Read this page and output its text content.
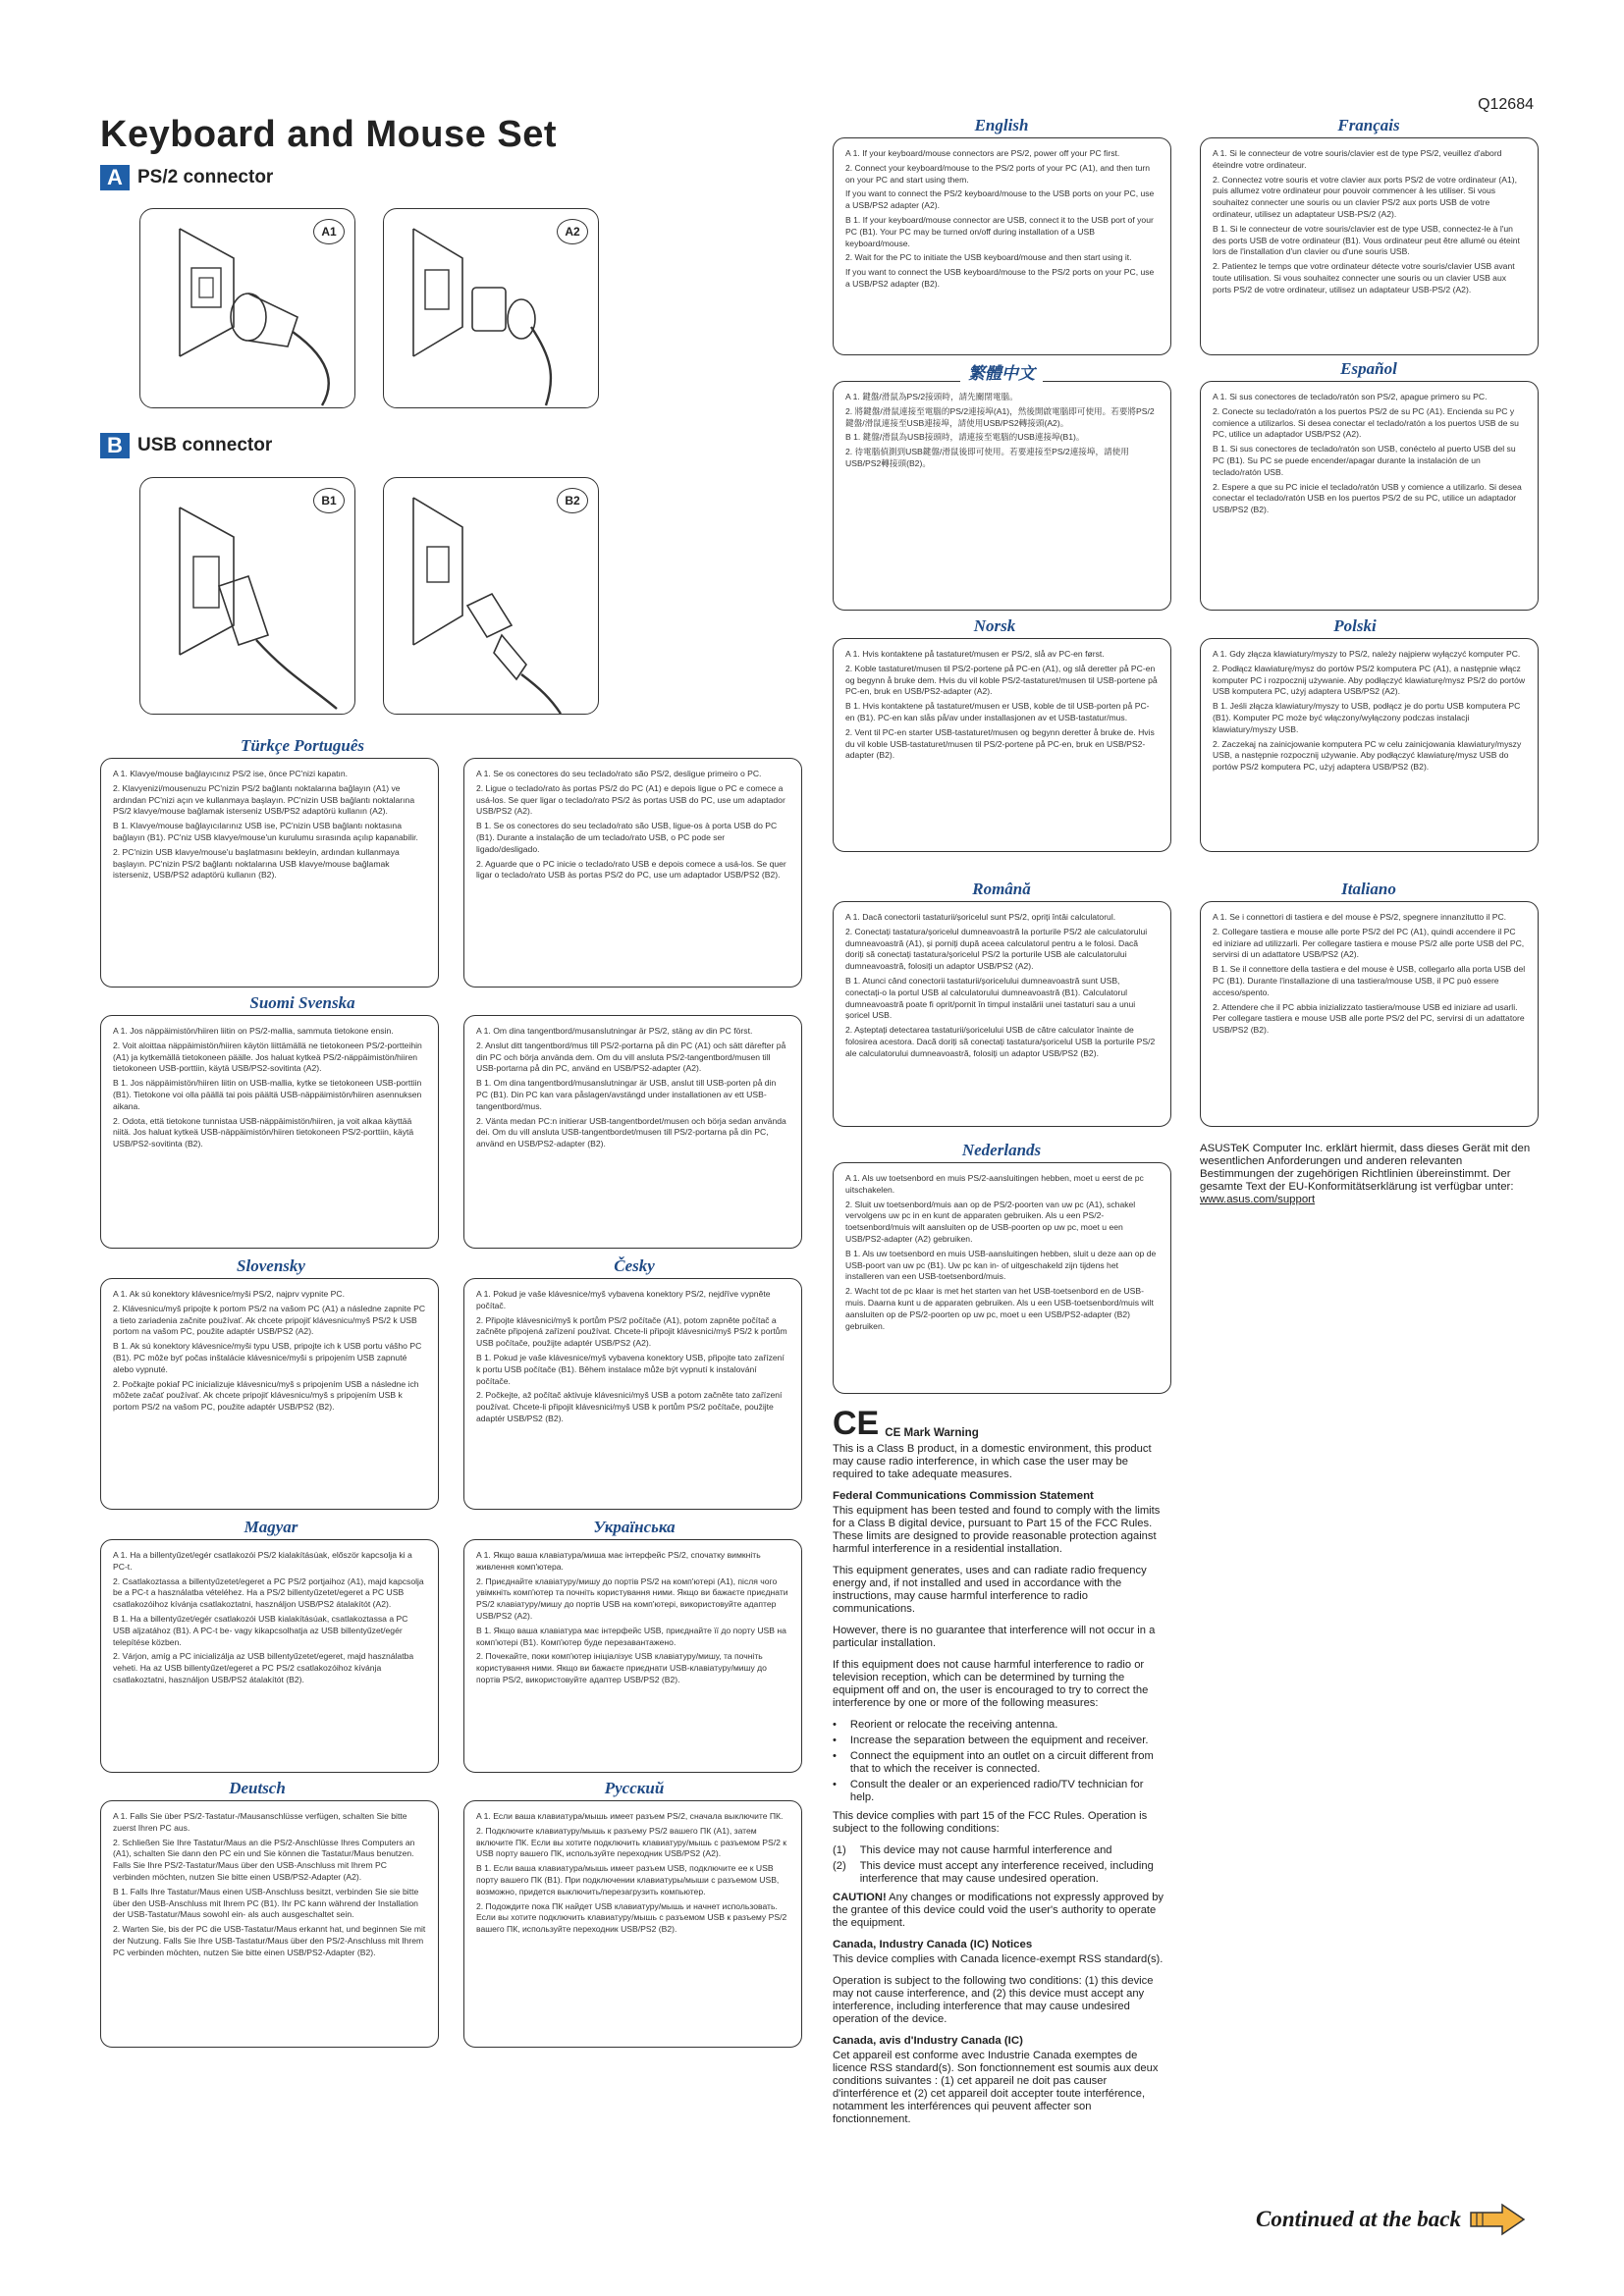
Q12684
Keyboard and Mouse Set
A PS/2 connector
A1	A2
B USB connector
B1	B2

A 1. If your keyboard/mouse connectors are PS/2, power off your PC first.

2. Connect your keyboard/mouse to the PS/2 ports of your PC (A1), and then turn on your PC and start using them.

If you want to connect the PS/2 keyboard/mouse to the USB ports on your PC, use a USB/PS2 adapter (A2).

B 1. If your keyboard/mouse connector are USB, connect it to the USB port of your PC (B1). Your PC may be turned on/off during installation of a USB keyboard/mouse.

2. Wait for the PC to initiate the USB keyboard/mouse and then start using it.

If you want to connect the USB keyboard/mouse to the PS/2 ports on your PC, use a USB/PS2 adapter (B2).

English

A 1. Si le connecteur de votre souris/clavier est de type PS/2, veuillez d'abord éteindre votre ordinateur.

2. Connectez votre souris et votre clavier aux ports PS/2 de votre ordinateur (A1), puis allumez votre ordinateur pour pouvoir commencer à les utiliser. Si vous souhaitez connecter une souris ou un clavier PS/2 aux ports USB de votre ordinateur, utilisez un adaptateur USB-PS/2 (A2).

B 1. Si le connecteur de votre souris/clavier est de type USB, connectez-le à l'un des ports USB de votre ordinateur (B1). Vous ordinateur peut être allumé ou éteint lors de l'installation d'un clavier ou d'une souris USB.

2. Patientez le temps que votre ordinateur détecte votre souris/clavier USB avant toute utilisation. Si vous souhaitez connecter une souris ou un clavier USB aux ports PS/2 de votre ordinateur, utilisez un adaptateur USB-PS/2 (A2).

Français

A 1. 鍵盤/滑鼠為PS/2接頭時，請先關閉電腦。

2. 將鍵盤/滑鼠連接至電腦的PS/2連接埠(A1)，然後開啟電腦即可使用。若要將PS/2鍵盤/滑鼠連接至USB連接埠，請使用USB/PS2轉接頭(A2)。

B 1. 鍵盤/滑鼠為USB接頭時，請連接至電腦的USB連接埠(B1)。

2. 待電腦偵測到USB鍵盤/滑鼠後即可使用。若要連接至PS/2連接埠，請使用USB/PS2轉接頭(B2)。

繁體中文

A 1. Si sus conectores de teclado/ratón son PS/2, apague primero su PC.

2. Conecte su teclado/ratón a los puertos PS/2 de su PC (A1). Encienda su PC y comience a utilizarlos. Si desea conectar el teclado/ratón a los puertos USB de su PC, utilice un adaptador USB/PS2 (A2).

B 1. Si sus conectores de teclado/ratón son USB, conéctelo al puerto USB del su PC (B1). Su PC se puede encender/apagar durante la instalación de un teclado/ratón USB.

2. Espere a que su PC inicie el teclado/ratón USB y comience a utilizarlo. Si desea conectar el teclado/ratón USB en los puertos PS/2 de su PC, utilice un adaptador USB/PS2 (B2).

Español

A 1. Hvis kontaktene på tastaturet/musen er PS/2, slå av PC-en først.

2. Koble tastaturet/musen til PS/2-portene på PC-en (A1), og slå deretter på PC-en og begynn å bruke dem. Hvis du vil koble PS/2-tastaturet/musen til USB-portene på PC-en, bruk en USB/PS2-adapter (A2).

B 1. Hvis kontaktene på tastaturet/musen er USB, koble de til USB-porten på PC-en (B1). PC-en kan slås på/av under installasjonen av et USB-tastatur/mus.

2. Vent til PC-en starter USB-tastaturet/musen og begynn deretter å bruke de. Hvis du vil koble USB-tastaturet/musen til PS/2-portene på PC-en, bruk en USB/PS2-adapter (B2).

Norsk

A 1. Gdy złącza klawiatury/myszy to PS/2, należy najpierw wyłączyć komputer PC.

2. Podłącz klawiaturę/mysz do portów PS/2 komputera PC (A1), a następnie włącz komputer PC i rozpocznij używanie. Aby podłączyć klawiaturę/mysz PS/2 do portów USB komputera PC, użyj adaptera USB/PS2 (A2).

B 1. Jeśli złącza klawiatury/myszy to USB, podłącz je do portu USB komputera PC (B1). Komputer PC może być włączony/wyłączony podczas instalacji klawiatury/myszy USB.

2. Zaczekaj na zainicjowanie komputera PC w celu zainicjowania klawiatury/myszy USB, a następnie rozpocznij używanie. Aby podłączyć klawiaturę/mysz USB do portów PS/2 komputera PC, użyj adaptera USB/PS2 (B2).

Polski

A 1. Klavye/mouse bağlayıcınız PS/2 ise, önce PC'nizi kapatın.

2. Klavyenizi/mousenuzu PC'nizin PS/2 bağlantı noktalarına bağlayın (A1) ve ardından PC'nizi açın ve kullanmaya başlayın. PC'nizin USB bağlantı noktalarına PS/2 klavye/mouse bağlamak isterseniz USB/PS2 adaptörü kullanın (A2).

B 1. Klavye/mouse bağlayıcılarınız USB ise, PC'nizin USB bağlantı noktasına bağlayın (B1). PC'niz USB klavye/mouse'un kurulumu sırasında açılıp kapanabilir.

2. PC'nizin USB klavye/mouse'u başlatmasını bekleyin, ardından kullanmaya başlayın. PC'nizin PS/2 bağlantı noktalarına USB klavye/mouse bağlamak isterseniz, USB/PS2 adaptörü kullanın (B2).

A 1. Se os conectores do seu teclado/rato são PS/2, desligue primeiro o PC.

2. Ligue o teclado/rato às portas PS/2 do PC (A1) e depois ligue o PC e comece a usá-los. Se quer ligar o teclado/rato PS/2 às portas USB do PC, use um adaptador USB/PS2 (A2).

B 1. Se os conectores do seu teclado/rato são USB, ligue-os à porta USB do PC (B1). Durante a instalação de um teclado/rato USB, o PC pode ser ligado/desligado.

2. Aguarde que o PC inicie o teclado/rato USB e depois comece a usá-los. Se quer ligar o teclado/rato USB às portas PS/2 do PC, use um adaptador USB/PS2 (B2).

Türkçe Português

A 1. Dacă conectorii tastaturii/șoricelul sunt PS/2, opriți întâi calculatorul.

2. Conectați tastatura/șoricelul dumneavoastră la porturile PS/2 ale calculatorului dumneavoastră (A1), și porniți după aceea calculatorul pentru a le folosi. Dacă doriți să conectați tastatura/șoricelul PS/2 la porturile USB ale calculatorului dumneavoastră, folosiți un adaptor USB/PS2 (A2).

B 1. Atunci când conectorii tastaturii/șoricelului dumneavoastră sunt USB, conectați-o la portul USB al calculatorului dumneavoastră (B1). Calculatorul dumneavoastră poate fi oprit/pornit în timpul instalării unei tastaturi sau a unui șoricel USB.

2. Așteptați detectarea tastaturii/șoricelului USB de către calculator înainte de folosirea acestora. Dacă doriți să conectați tastatura/șoricelul USB la porturile PS/2 ale calculatorului dumneavoastră, folosiți un adaptor USB/PS2 (B2).

Română

A 1. Se i connettori di tastiera e del mouse è PS/2, spegnere innanzitutto il PC.

2. Collegare tastiera e mouse alle porte PS/2 del PC (A1), quindi accendere il PC ed iniziare ad utilizzarli. Per collegare tastiera e mouse PS/2 alle porte USB del PC, servirsi di un adattatore USB/PS2 (A2).

B 1. Se il connettore della tastiera e del mouse è USB, collegarlo alla porta USB del PC (B1). Durante l'installazione di una tastiera/mouse USB, il PC può essere acceso/spento.

2. Attendere che il PC abbia inizializzato tastiera/mouse USB ed iniziare ad usarli. Per collegare tastiera e mouse USB alle porte PS/2 del PC, servirsi di un adattatore USB/PS2 (B2).

Italiano

A 1. Jos näppäimistön/hiiren liitin on PS/2-mallia, sammuta tietokone ensin.

2. Voit aloittaa näppäimistön/hiiren käytön liittämällä ne tietokoneen PS/2-portteihin (A1) ja kytkemällä tietokoneen päälle. Jos haluat kytkeä PS/2-näppäimistön/hiiren tietokoneen USB-porttiin, käytä USB/PS2-sovitinta (A2).

B 1. Jos näppäimistön/hiiren liitin on USB-mallia, kytke se tietokoneen USB-porttiin (B1). Tietokone voi olla päällä tai pois päältä USB-näppäimistön/hiiren asennuksen aikana.

2. Odota, että tietokone tunnistaa USB-näppäimistön/hiiren, ja voit alkaa käyttää niitä. Jos haluat kytkeä USB-näppäimistön/hiiren tietokoneen PS/2-porttiin, käytä USB/PS2-sovitinta (B2).

A 1. Om dina tangentbord/musanslutningar är PS/2, stäng av din PC först.

2. Anslut ditt tangentbord/mus till PS/2-portarna på din PC (A1) och sätt därefter på din PC och börja använda dem. Om du vill ansluta PS/2-tangentbord/musen till USB-portarna på din PC, använd en USB/PS2-adapter (A2).

B 1. Om dina tangentbord/musanslutningar är USB, anslut till USB-porten på din PC (B1). Din PC kan vara påslagen/avstängd under installationen av ett USB-tangentbord/mus.

2. Vänta medan PC:n initierar USB-tangentbordet/musen och börja sedan använda dei. Om du vill ansluta USB-tangentbordet/musen till PS/2-portarna på din PC, använd en USB/PS2-adapter (B2).

Suomi Svenska

A 1. Als uw toetsenbord en muis PS/2-aansluitingen hebben, moet u eerst de pc uitschakelen.

2. Sluit uw toetsenbord/muis aan op de PS/2-poorten van uw pc (A1), schakel vervolgens uw pc in en kunt de apparaten gebruiken. Als u een PS/2-toetsenbord/muis wilt aansluiten op de USB-poorten op uw pc, moet u een USB/PS2-adapter (A2) gebruiken.

B 1. Als uw toetsenbord en muis USB-aansluitingen hebben, sluit u deze aan op de USB-poort van uw pc (B1). Uw pc kan in- of uitgeschakeld zijn tijdens het installeren van een USB-toetsenbord/muis.

2. Wacht tot de pc klaar is met het starten van het USB-toetsenbord en de USB-muis. Daarna kunt u de apparaten gebruiken. Als u een USB-toetsenbord/muis wilt aansluiten op de PS/2-poorten op uw pc, moet u een USB/PS2-adapter (B2) gebruiken.

Nederlands	ASUSTeK Computer Inc. erklärt hiermit, dass dieses Gerät mit den wesentlichen Anforderungen und anderen relevanten Bestimmungen der zugehörigen Richtlinien übereinstimmt. Der gesamte Text der EU-Konformitätserklärung ist verfügbar unter:
www.asus.com/support

A 1. Ak sú konektory klávesnice/myši PS/2, najprv vypnite PC.

2. Klávesnicu/myš pripojte k portom PS/2 na vašom PC (A1) a následne zapnite PC a tieto zariadenia začnite používať. Ak chcete pripojiť klávesnicu/myš PS/2 k USB portom na vašom PC, použite adaptér USB/PS2 (A2).

B 1. Ak sú konektory klávesnice/myši typu USB, pripojte ich k USB portu vášho PC (B1). PC môže byť počas inštalácie klávesnice/myši s pripojením USB zapnuté alebo vypnuté.

2. Počkajte pokiaľ PC inicializuje klávesnicu/myš s pripojením USB a následne ich môžete začať používať. Ak chcete pripojiť klávesnicu/myš s pripojením USB k portom PS/2 na vašom PC, použite adaptér USB/PS2 (B2).

Slovensky

A 1. Pokud je vaše klávesnice/myš vybavena konektory PS/2, nejdříve vypněte počítač.

2. Připojte klávesnici/myš k portům PS/2 počítače (A1), potom zapněte počítač a začněte připojená zařízení používat. Chcete-li připojit klávesnici/myš PS/2 k portům USB počítače, použijte adaptér USB/PS2 (A2).

B 1. Pokud je vaše klávesnice/myš vybavena konektory USB, připojte tato zařízení k portu USB počítače (B1). Během instalace může být vypnutí k instalování počítače.

2. Počkejte, až počítač aktivuje klávesnici/myš USB a potom začněte tato zařízení používat. Chcete-li připojit klávesnici/myš USB k portům PS/2 počítače, použijte adaptér USB/PS2 (B2).

Česky
CE CE Mark Warning

This is a Class B product, in a domestic environment, this product may cause radio interference, in which case the user may be required to take adequate measures.

Federal Communications Commission Statement

This equipment has been tested and found to comply with the limits for a Class B digital device, pursuant to Part 15 of the FCC Rules. These limits are designed to provide reasonable protection against harmful interference in a residential installation.

This equipment generates, uses and can radiate radio frequency energy and, if not installed and used in accordance with the instructions, may cause harmful interference to radio communications.

However, there is no guarantee that interference will not occur in a particular installation.

If this equipment does not cause harmful interference to radio or television reception, which can be determined by turning the equipment off and on, the user is encouraged to try to correct the interference by one or more of the following measures:

• Reorient or relocate the receiving antenna.
• Increase the separation between the equipment and receiver.
• Connect the equipment into an outlet on a circuit different from that to which the receiver is connected.
• Consult the dealer or an experienced radio/TV technician for help.

This device complies with part 15 of the FCC Rules. Operation is subject to the following conditions:

(1) This device may not cause harmful interference and
(2) This device must accept any interference received, including interference that may cause undesired operation.

CAUTION! Any changes or modifications not expressly approved by the grantee of this device could void the user's authority to operate the equipment.

Canada, Industry Canada (IC) Notices

This device complies with Canada licence-exempt RSS standard(s).

Operation is subject to the following two conditions: (1) this device may not cause interference, and (2) this device must accept any interference, including interference that may cause undesired operation of the device.

Canada, avis d'Industry Canada (IC)

Cet appareil est conforme avec Industrie Canada exemptes de licence RSS standard(s). Son fonctionnement est soumis aux deux conditions suivantes : (1) cet appareil ne doit pas causer d'interférence et (2) cet appareil doit accepter toute interférence, notamment les interférences qui peuvent affecter son fonctionnement.

A 1. Ha a billentyűzet/egér csatlakozói PS/2 kialakításúak, először kapcsolja ki a PC-t.

2. Csatlakoztassa a billentyűzetet/egeret a PC PS/2 portjaihoz (A1), majd kapcsolja be a PC-t a használatba vételéhez. Ha a PS/2 billentyűzetet/egeret a PC USB csatlakozóihoz kívánja csatlakoztatni, használjon USB/PS2 átalakítót (A2).

B 1. Ha a billentyűzet/egér csatlakozói USB kialakításúak, csatlakoztassa a PC USB aljzatához (B1). A PC-t be- vagy kikapcsolhatja az USB billentyűzet/egér telepítése közben.

2. Várjon, amíg a PC inicializálja az USB billentyűzetet/egeret, majd használatba veheti. Ha az USB billentyűzet/egeret a PC PS/2 csatlakozóihoz kívánja csatlakoztatni, használjon USB/PS2 átalakítót (B2).

Magyar

A 1. Якщо ваша клавіатура/миша має інтерфейс PS/2, спочатку вимкніть живлення комп'ютера.

2. Приєднайте клавіатуру/мишу до портів PS/2 на комп'ютері (A1), після чого увімкніть комп'ютер та почніть користування ними. Якщо ви бажаєте приєднати PS/2 клавіатуру/мишу до портів USB на комп'ютері, використовуйте адаптер USB/PS2 (A2).

B 1. Якщо ваша клавіатура має інтерфейс USB, приєднайте її до порту USB на комп'ютері (B1). Комп'ютер буде перезавантажено.

2. Почекайте, поки комп'ютер ініціалізує USB клавіатуру/мишу, та почніть користування ними. Якщо ви бажаєте приєднати USB-клавіатуру/мишу до портів PS/2, використовуйте адаптер USB/PS2 (B2).

Українська

A 1. Falls Sie über PS/2-Tastatur-/Mausanschlüsse verfügen, schalten Sie bitte zuerst Ihren PC aus.

2. Schließen Sie Ihre Tastatur/Maus an die PS/2-Anschlüsse Ihres Computers an (A1), schalten Sie dann den PC ein und Sie können die Tastatur/Maus benutzen. Falls Sie Ihre PS/2-Tastatur/Maus über den USB-Anschluss mit Ihrem PC verbinden möchten, nutzen Sie bitte einen USB/PS2-Adapter (A2).

B 1. Falls Ihre Tastatur/Maus einen USB-Anschluss besitzt, verbinden Sie sie bitte über den USB-Anschluss mit Ihrem PC (B1). Ihr PC kann während der Installation der USB-Tastatur/Maus sowohl ein- als auch ausgeschaltet sein.

2. Warten Sie, bis der PC die USB-Tastatur/Maus erkannt hat, und beginnen Sie mit der Nutzung. Falls Sie Ihre USB-Tastatur/Maus über den PS/2-Anschluss mit Ihrem PC verbinden möchten, nutzen Sie bitte einen USB/PS2-Adapter (B2).

Deutsch

A 1. Если ваша клавиатура/мышь имеет разъем PS/2, сначала выключите ПК.

2. Подключите клавиатуру/мышь к разъему PS/2 вашего ПК (A1), затем включите ПК. Если вы хотите подключить клавиатуру/мышь с разъемом PS/2 к USB порту вашего ПК, используйте переходник USB/PS2 (A2).

B 1. Если ваша клавиатура/мышь имеет разъем USB, подключите ее к USB порту вашего ПК (B1). При подключении клавиатуры/мыши с разъемом USB, возможно, придется выключить/перезагрузить компьютер.

2. Подождите пока ПК найдет USB клавиатуру/мышь и начнет использовать. Если вы хотите подключить клавиатуру/мышь с разъемом USB к разъему PS/2 вашего ПК, используйте переходник USB/PS2 (B2).

Русский
Continued at the back
